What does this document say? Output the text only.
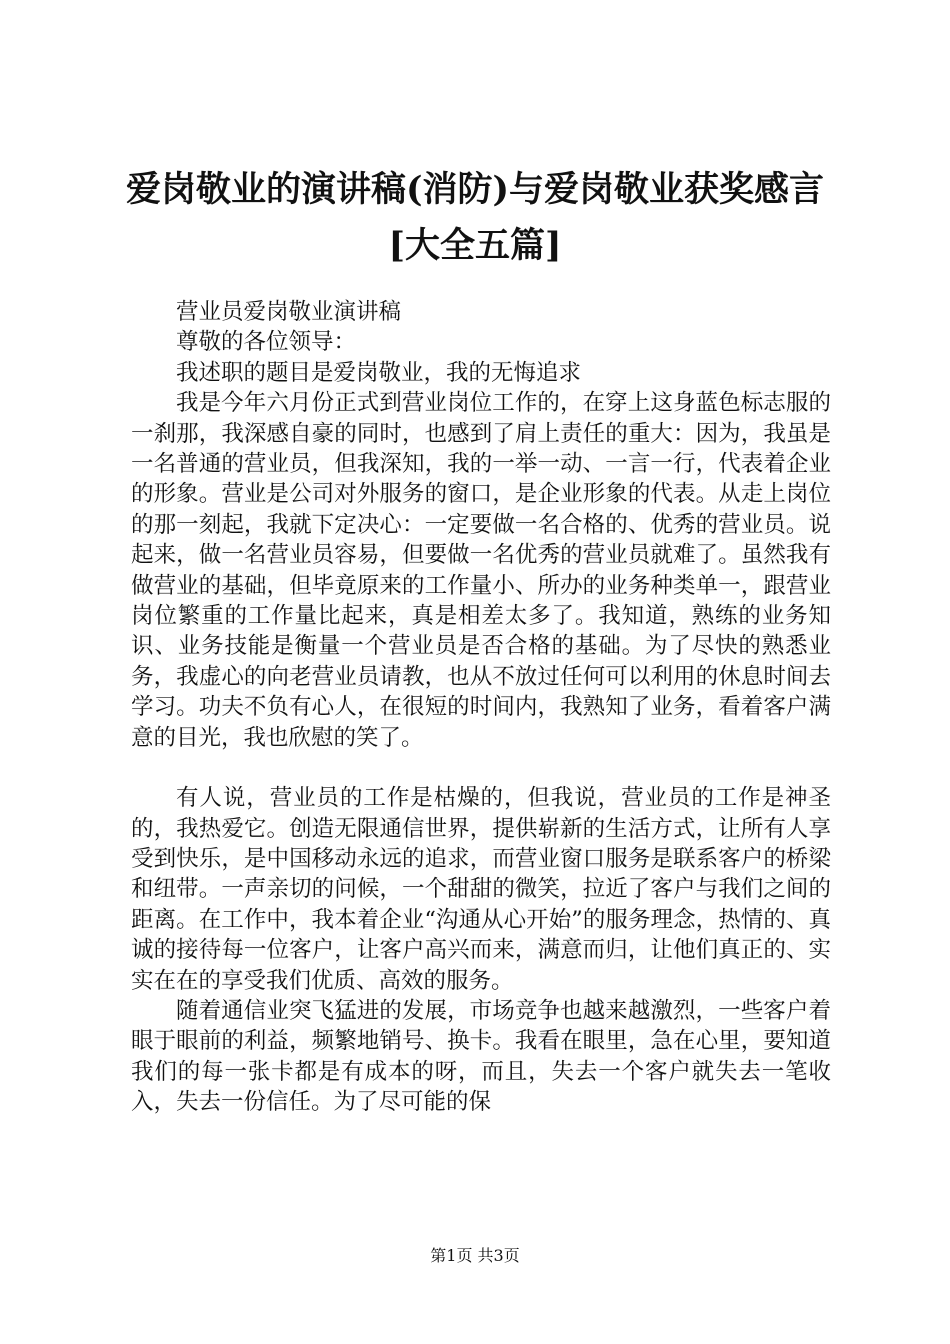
爱岗敬业的演讲稿(消防)与爱岗敬业获奖感言
[大全五篇]

营业员爱岗敬业演讲稿

尊敬的各位领导：

我述职的题目是爱岗敬业，我的无悔追求

我是今年六月份正式到营业岗位工作的，在穿上这身蓝色标志服的一刹那，我深感自豪的同时，也感到了肩上责任的重大：因为，我虽是一名普通的营业员，但我深知，我的一举一动、一言一行，代表着企业的形象。营业是公司对外服务的窗口，是企业形象的代表。从走上岗位的那一刻起，我就下定决心：一定要做一名合格的、优秀的营业员。说起来，做一名营业员容易，但要做一名优秀的营业员就难了。虽然我有做营业的基础，但毕竟原来的工作量小、所办的业务种类单一，跟营业岗位繁重的工作量比起来，真是相差太多了。我知道，熟练的业务知识、业务技能是衡量一个营业员是否合格的基础。为了尽快的熟悉业务，我虚心的向老营业员请教，也从不放过任何可以利用的休息时间去学习。功夫不负有心人，在很短的时间内，我熟知了业务，看着客户满意的目光，我也欣慰的笑了。

有人说，营业员的工作是枯燥的，但我说，营业员的工作是神圣的，我热爱它。创造无限通信世界，提供崭新的生活方式，让所有人享受到快乐，是中国移动永远的追求，而营业窗口服务是联系客户的桥梁和纽带。一声亲切的问候，一个甜甜的微笑，拉近了客户与我们之间的距离。在工作中，我本着企业“沟通从心开始”的服务理念，热情的、真诚的接待每一位客户，让客户高兴而来，满意而归，让他们真正的、实实在在的享受我们优质、高效的服务。

随着通信业突飞猛进的发展，市场竞争也越来越激烈，一些客户着眼于眼前的利益，频繁地销号、换卡。我看在眼里，急在心里，要知道我们的每一张卡都是有成本的呀，而且，失去一个客户就失去一笔收入，失去一份信任。为了尽可能的保

第1页 共3页
